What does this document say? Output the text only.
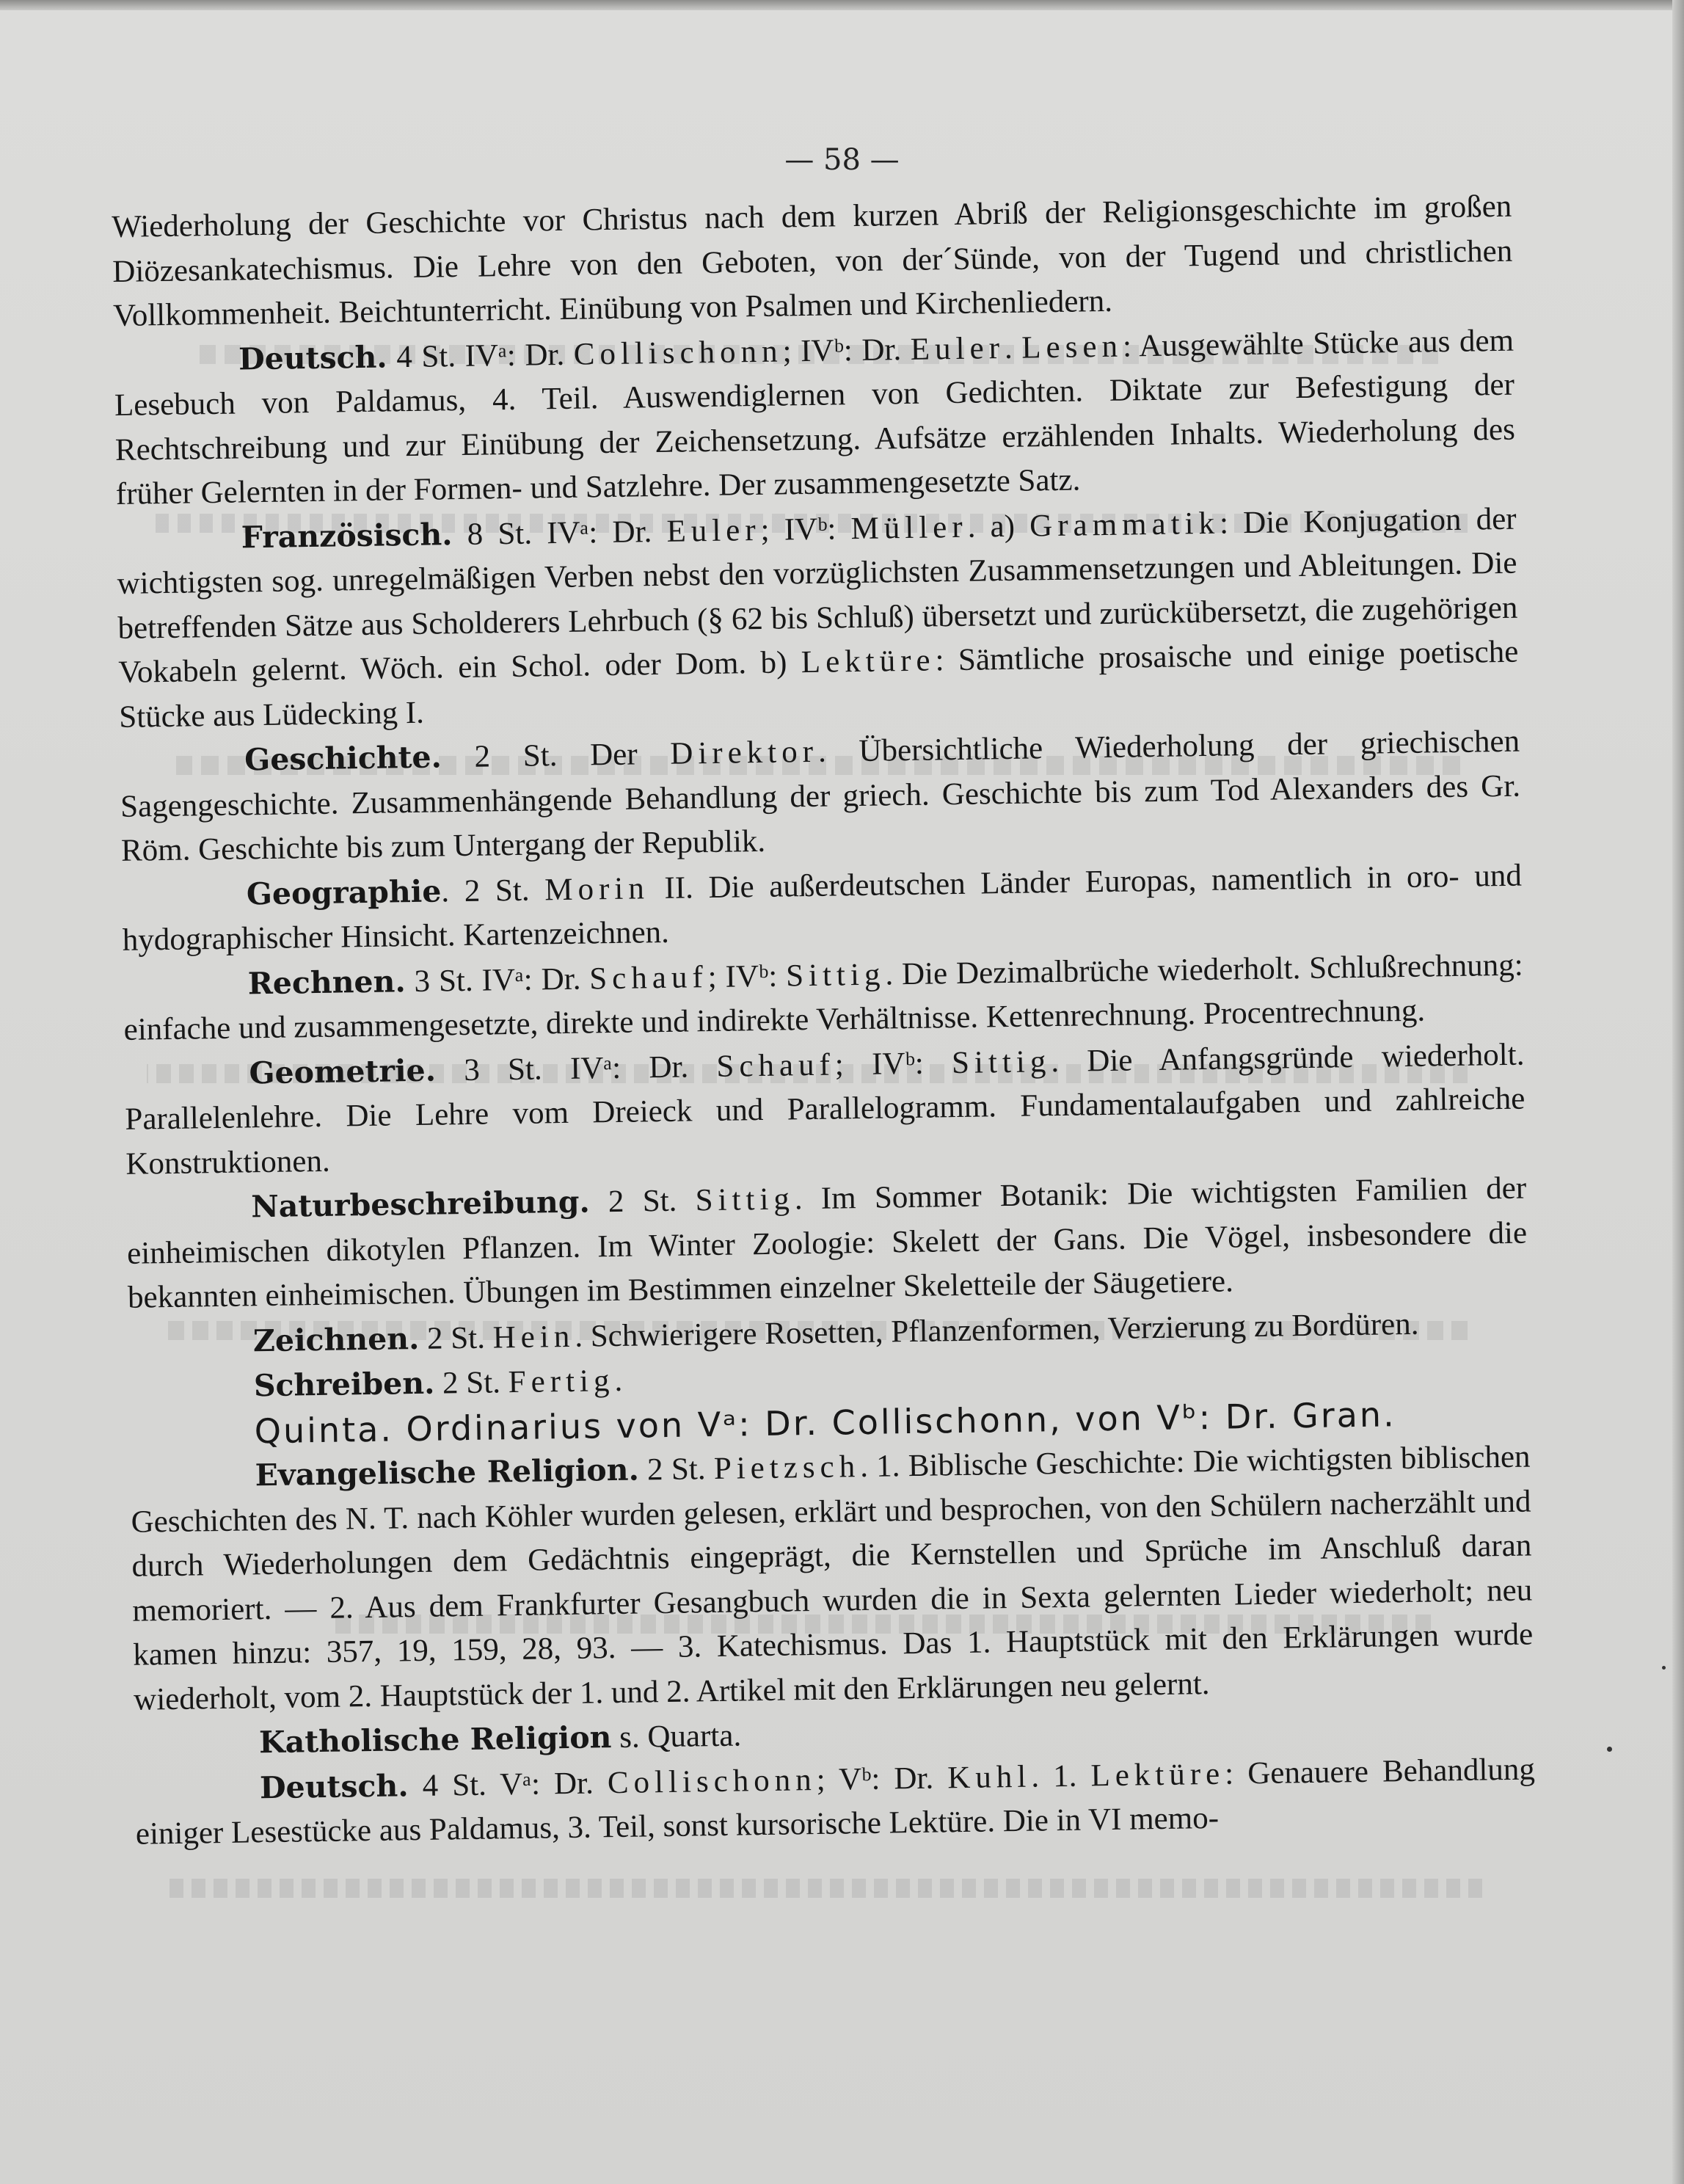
— 58 —

Wiederholung der Geschichte vor Christus nach dem kurzen Abriß der Religionsgeschichte im großen Diözesankatechismus. Die Lehre von den Geboten, von der´Sünde, von der Tugend und christlichen Vollkommenheit. Beichtunterricht. Einübung von Psalmen und Kirchenliedern.

Deutsch. 4 St. IVᵃ: Dr. Collischonn; IVᵇ: Dr. Euler. Lesen: Ausgewählte Stücke aus dem Lesebuch von Paldamus, 4. Teil. Auswendiglernen von Gedichten. Diktate zur Befestigung der Rechtschreibung und zur Einübung der Zeichensetzung. Aufsätze erzählenden Inhalts. Wiederholung des früher Gelernten in der Formen- und Satzlehre. Der zusammengesetzte Satz.

Französisch. 8 St. IVᵃ: Dr. Euler; IVᵇ: Müller. a) Grammatik: Die Konjugation der wichtigsten sog. unregelmäßigen Verben nebst den vorzüglichsten Zusammensetzungen und Ableitungen. Die betreffenden Sätze aus Scholderers Lehrbuch (§ 62 bis Schluß) übersetzt und zurückübersetzt, die zugehörigen Vokabeln gelernt. Wöch. ein Schol. oder Dom. b) Lektüre: Sämtliche prosaische und einige poetische Stücke aus Lüdecking I.

Geschichte. 2 St. Der Direktor. Übersichtliche Wiederholung der griechischen Sagengeschichte. Zusammenhängende Behandlung der griech. Geschichte bis zum Tod Alexanders des Gr. Röm. Geschichte bis zum Untergang der Republik.

Geographie. 2 St. Morin II. Die außerdeutschen Länder Europas, namentlich in oro- und hydographischer Hinsicht. Kartenzeichnen.

Rechnen. 3 St. IVᵃ: Dr. Schauf; IVᵇ: Sittig. Die Dezimalbrüche wiederholt. Schlußrechnung: einfache und zusammengesetzte, direkte und indirekte Verhältnisse. Kettenrechnung. Procentrechnung.

Geometrie. 3 St. IVᵃ: Dr. Schauf; IVᵇ: Sittig. Die Anfangsgründe wiederholt. Parallelenlehre. Die Lehre vom Dreieck und Parallelogramm. Fundamentalaufgaben und zahlreiche Konstruktionen.

Naturbeschreibung. 2 St. Sittig. Im Sommer Botanik: Die wichtigsten Familien der einheimischen dikotylen Pflanzen. Im Winter Zoologie: Skelett der Gans. Die Vögel, insbesondere die bekannten einheimischen. Übungen im Bestimmen einzelner Skeletteile der Säugetiere.

Zeichnen. 2 St. Hein. Schwierigere Rosetten, Pflanzenformen, Verzierung zu Bordüren.

Schreiben. 2 St. Fertig.

Quinta. Ordinarius von Vᵃ: Dr. Collischonn, von Vᵇ: Dr. Gran.

Evangelische Religion. 2 St. Pietzsch. 1. Biblische Geschichte: Die wichtigsten biblischen Geschichten des N. T. nach Köhler wurden gelesen, erklärt und besprochen, von den Schülern nacherzählt und durch Wiederholungen dem Gedächtnis eingeprägt, die Kernstellen und Sprüche im Anschluß daran memoriert. — 2. Aus dem Frankfurter Gesangbuch wurden die in Sexta gelernten Lieder wiederholt; neu kamen hinzu: 357, 19, 159, 28, 93. — 3. Katechismus. Das 1. Hauptstück mit den Erklärungen wurde wiederholt, vom 2. Hauptstück der 1. und 2. Artikel mit den Erklärungen neu gelernt.

Katholische Religion s. Quarta.

Deutsch. 4 St. Vᵃ: Dr. Collischonn; Vᵇ: Dr. Kuhl. 1. Lektüre: Genauere Behandlung einiger Lesestücke aus Paldamus, 3. Teil, sonst kursorische Lektüre. Die in VI memo-
